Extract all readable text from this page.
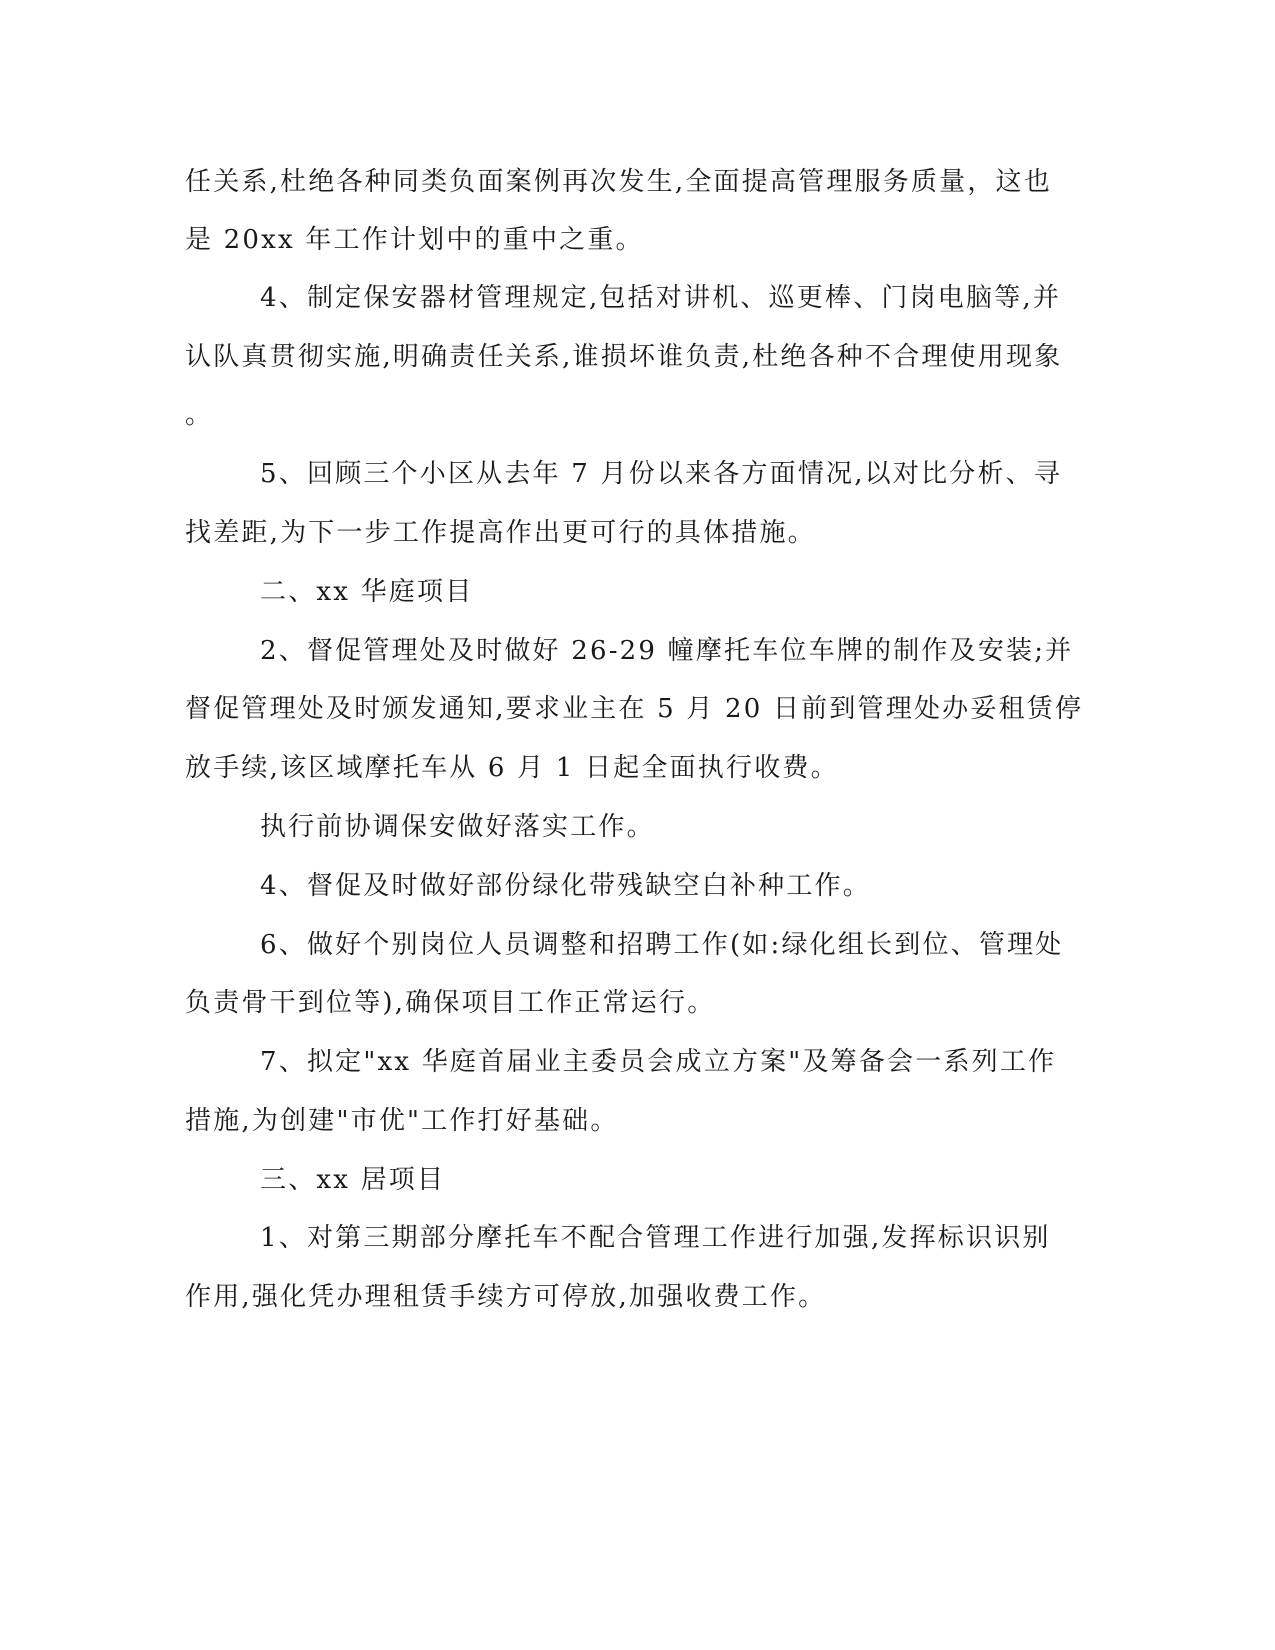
任关系,杜绝各种同类负面案例再次发生,全面提高管理服务质量，这也
是 20xx 年工作计划中的重中之重。
4、制定保安器材管理规定,包括对讲机、巡更棒、门岗电脑等,并
认队真贯彻实施,明确责任关系,谁损坏谁负责,杜绝各种不合理使用现象
。
5、回顾三个小区从去年 7 月份以来各方面情况,以对比分析、寻
找差距,为下一步工作提高作出更可行的具体措施。
二、xx 华庭项目
2、督促管理处及时做好 26-29 幢摩托车位车牌的制作及安装;并
督促管理处及时颁发通知,要求业主在 5 月 20 日前到管理处办妥租赁停
放手续,该区域摩托车从 6 月 1 日起全面执行收费。
执行前协调保安做好落实工作。
4、督促及时做好部份绿化带残缺空白补种工作。
6、做好个别岗位人员调整和招聘工作(如:绿化组长到位、管理处
负责骨干到位等),确保项目工作正常运行。
7、拟定"xx 华庭首届业主委员会成立方案"及筹备会一系列工作
措施,为创建"市优"工作打好基础。
三、xx 居项目
1、对第三期部分摩托车不配合管理工作进行加强,发挥标识识别
作用,强化凭办理租赁手续方可停放,加强收费工作。
